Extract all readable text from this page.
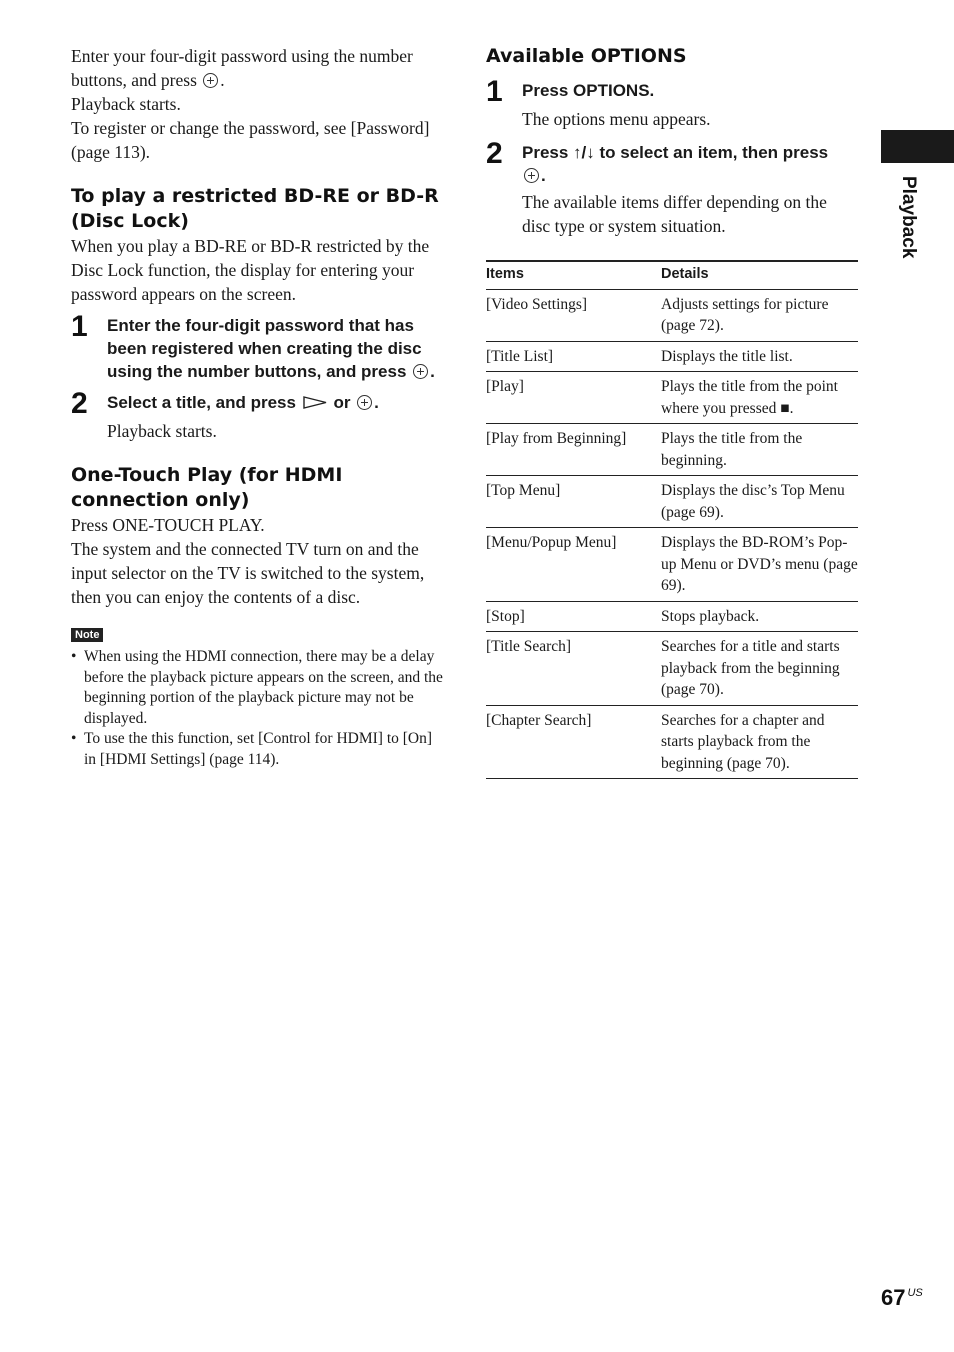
Enter your four-digit password using the number buttons, and press .
Playback starts.
To register or change the password, see [Password] (page 113).

To play a restricted BD-RE or BD-R (Disc Lock)

When you play a BD-RE or BD-R restricted by the Disc Lock function, the display for entering your password appears on the screen.

1 Enter the four-digit password that has been registered when creating the disc using the number buttons, and press .

2 Select a title, and press or .

Playback starts.

One-Touch Play (for HDMI connection only)

Press ONE-TOUCH PLAY.
The system and the connected TV turn on and the input selector on the TV is switched to the system, then you can enjoy the contents of a disc.

Note
• When using the HDMI connection, there may be a delay before the playback picture appears on the screen, and the beginning portion of the playback picture may not be displayed.
• To use the this function, set [Control for HDMI] to [On] in [HDMI Settings] (page 114).
Available OPTIONS
1 Press OPTIONS.

The options menu appears.

2 Press ↑/↓ to select an item, then press
.

The available items differ depending on the disc type or system situation.

Items	Details
[Video Settings]	Adjusts settings for picture (page 72).
[Title List]	Displays the title list.
[Play]	Plays the title from the point where you pressed ■.
[Play from Beginning]	Plays the title from the beginning.
[Top Menu]	Displays the disc’s Top Menu (page 69).
[Menu/Popup Menu]	Displays the BD-ROM’s Pop-up Menu or DVD’s menu (page 69).
[Stop]	Stops playback.
[Title Search]	Searches for a title and starts playback from the beginning (page 70).
[Chapter Search]	Searches for a chapter and starts playback from the beginning (page 70).
Playback
67 $^{US}$
